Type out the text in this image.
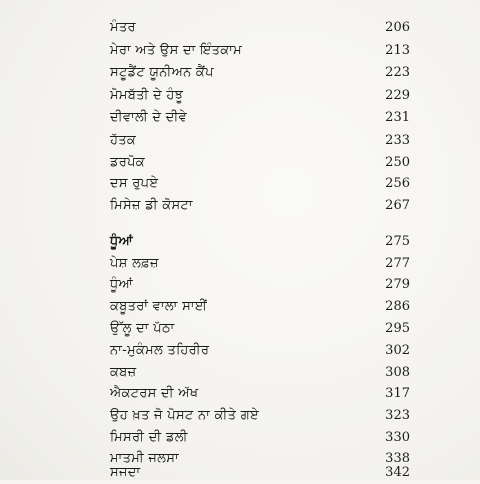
ਮੰਤਰ	206
ਮੇਰਾ ਅਤੇ ਉਸ ਦਾ ਇੰਤਕਾਮ	213
ਸਟੂਡੈਂਟ ਯੂਨੀਅਨ ਕੈਂਪ	223
ਮੋਮਬੱਤੀ ਦੇ ਹੰਝੂ	229
ਦੀਵਾਲੀ ਦੇ ਦੀਵੇ	231
ਹੱਤਕ	233
ਡਰਪੋਕ	250
ਦਸ ਰੁਪਏ	256
ਮਿਸੇਜ਼ ਡੀ ਕੋਸਟਾ	267
ਧੂੰਆਂ	275
ਪੇਸ਼ ਲਫ਼ਜ਼	277
ਧੂੰਆਂ	279
ਕਬੂਤਰਾਂ ਵਾਲਾ ਸਾਈਂ	286
ਉੱਲੂ ਦਾ ਪੱਠਾ	295
ਨਾ-ਮੁਕੰਮਲ ਤਹਿਰੀਰ	302
ਕਬਜ਼	308
ਐਕਟਰਸ ਦੀ ਅੱਖ	317
ਉਹ ਖ਼ਤ ਜੋ ਪੋਸਟ ਨਾ ਕੀਤੇ ਗਏ	323
ਮਿਸਰੀ ਦੀ ਡਲੀ	330
ਮਾਤਮੀ ਜਲਸਾ	338
ਸਜਦਾ	342
